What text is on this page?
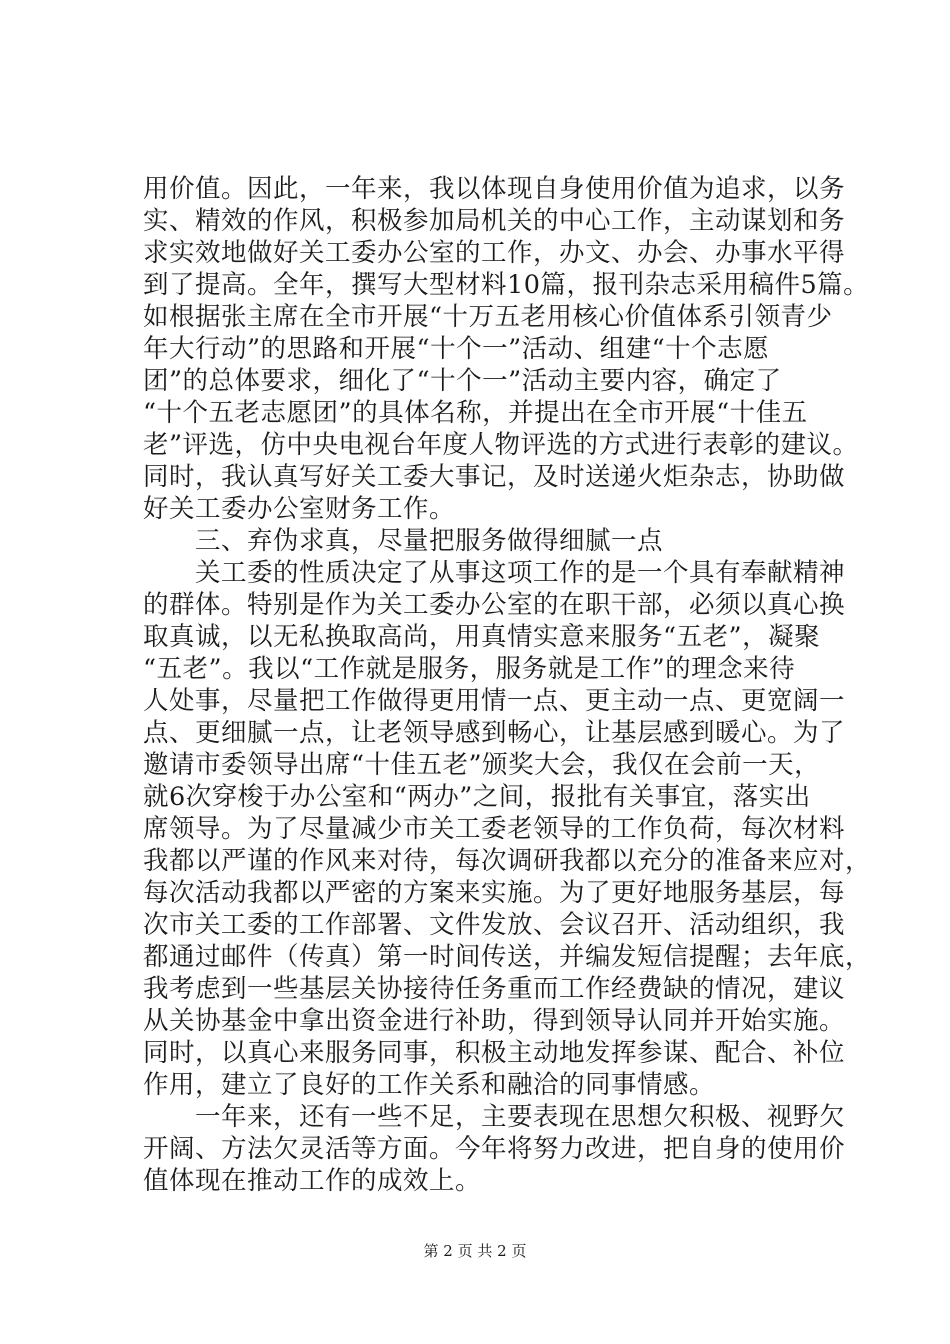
用价值。因此，一年来，我以体现自身使用价值为追求，以务
实、精效的作风，积极参加局机关的中心工作，主动谋划和务
求实效地做好关工委办公室的工作，办文、办会、办事水平得
到了提高。全年，撰写大型材料10篇，报刊杂志采用稿件5篇。
如根据张主席在全市开展“十万五老用核心价值体系引领青少
年大行动”的思路和开展“十个一”活动、组建“十个志愿
团”的总体要求，细化了“十个一”活动主要内容，确定了
“十个五老志愿团”的具体名称，并提出在全市开展“十佳五
老”评选，仿中央电视台年度人物评选的方式进行表彰的建议。
同时，我认真写好关工委大事记，及时送递火炬杂志，协助做
好关工委办公室财务工作。
　　三、弃伪求真，尽量把服务做得细腻一点
　　关工委的性质决定了从事这项工作的是一个具有奉献精神
的群体。特别是作为关工委办公室的在职干部，必须以真心换
取真诚，以无私换取高尚，用真情实意来服务“五老”，凝聚
“五老”。我以“工作就是服务，服务就是工作”的理念来待
人处事，尽量把工作做得更用情一点、更主动一点、更宽阔一
点、更细腻一点，让老领导感到畅心，让基层感到暖心。为了
邀请市委领导出席“十佳五老”颁奖大会，我仅在会前一天，
就6次穿梭于办公室和“两办”之间，报批有关事宜，落实出
席领导。为了尽量减少市关工委老领导的工作负荷，每次材料
我都以严谨的作风来对待，每次调研我都以充分的准备来应对，
每次活动我都以严密的方案来实施。为了更好地服务基层，每
次市关工委的工作部署、文件发放、会议召开、活动组织，我
都通过邮件（传真）第一时间传送，并编发短信提醒；去年底，
我考虑到一些基层关协接待任务重而工作经费缺的情况，建议
从关协基金中拿出资金进行补助，得到领导认同并开始实施。
同时，以真心来服务同事，积极主动地发挥参谋、配合、补位
作用，建立了良好的工作关系和融洽的同事情感。
　　一年来，还有一些不足，主要表现在思想欠积极、视野欠
开阔、方法欠灵活等方面。今年将努力改进，把自身的使用价
值体现在推动工作的成效上。
第 2 页 共 2 页
